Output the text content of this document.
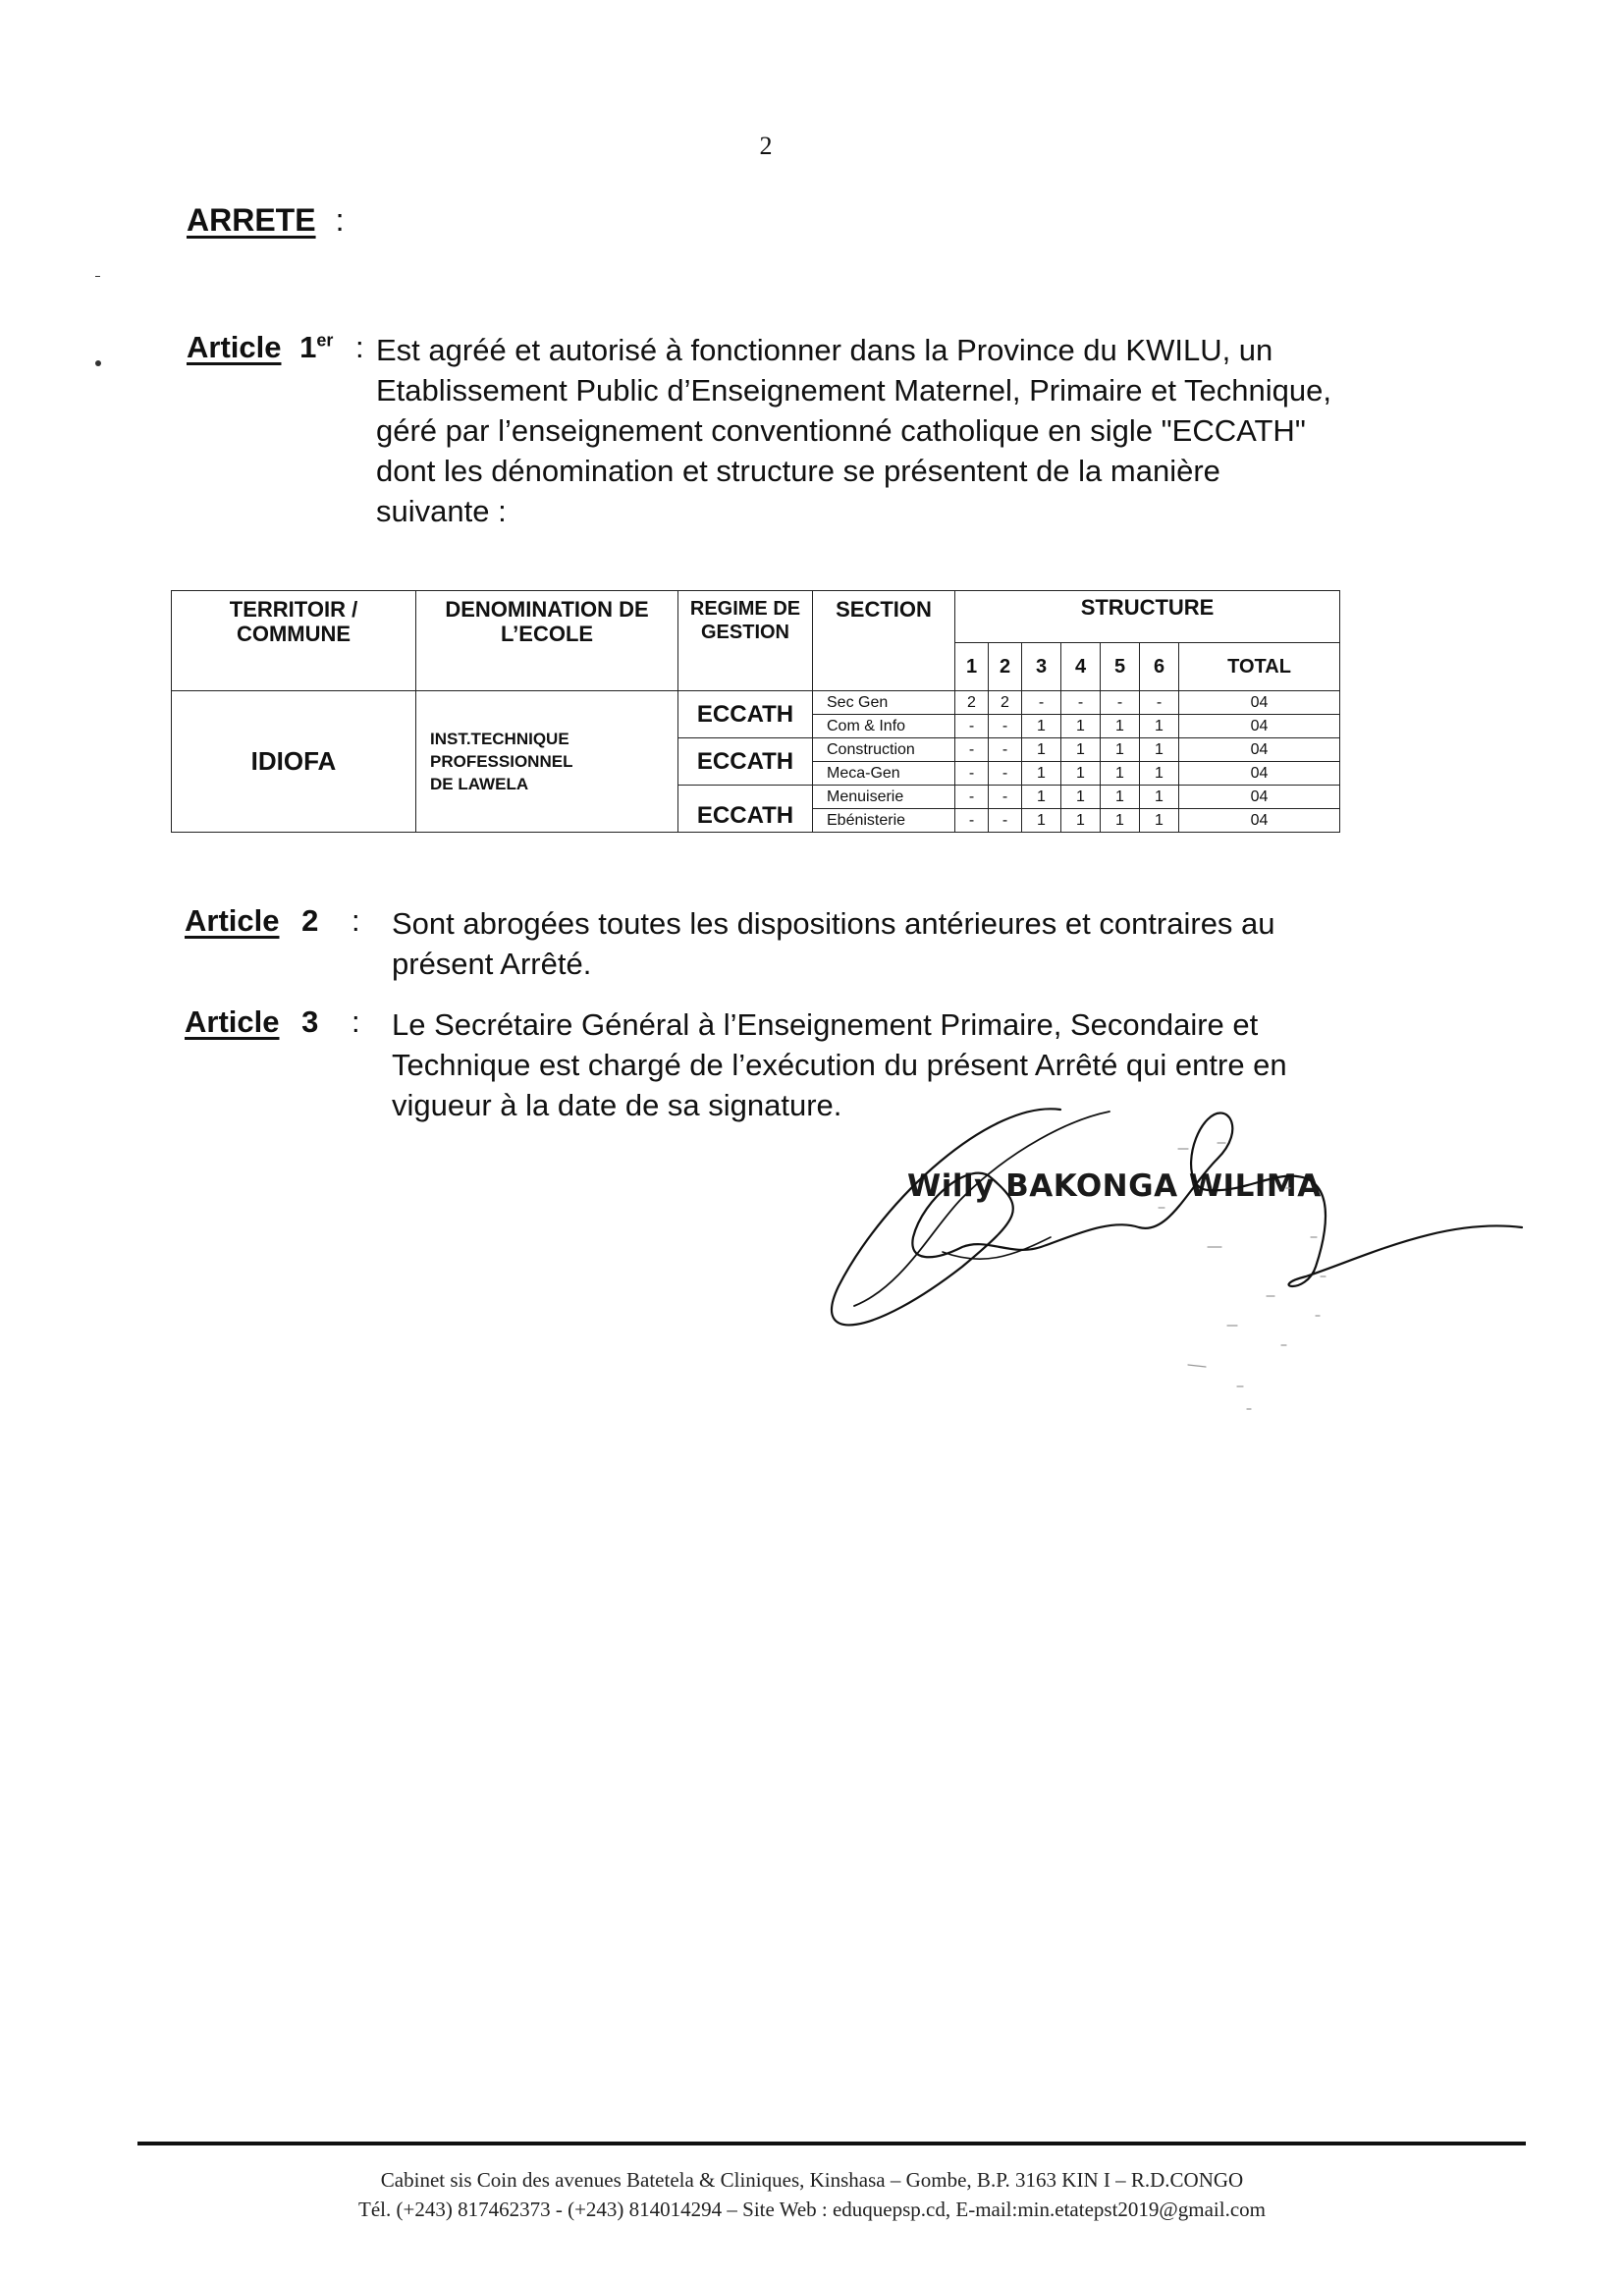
2
ARRETE :
Article 1er : Est agréé et autorisé à fonctionner dans la Province du KWILU, un
Etablissement Public d’Enseignement Maternel, Primaire et Technique,
géré par l’enseignement conventionné catholique en sigle "ECCATH"
dont les dénomination et structure se présentent de la manière
suivante :
TERRITOIR / COMMUNE	DENOMINATION DE L’ECOLE	REGIME DE GESTION	SECTION	STRUCTURE						
				1	2	3	4	5	6	TOTAL
IDIOFA	INST.TECHNIQUE
PROFESSIONNEL
DE LAWELA	ECCATH	Sec Gen	2	2	-	-	-	-	04
			Com & Info	-	-	1	1	1	1	04
		ECCATH	Construction	-	-	1	1	1	1	04
			Meca-Gen	-	-	1	1	1	1	04
		ECCATH	Menuiserie	-	-	1	1	1	1	04
			Ebénisterie	-	-	1	1	1	1	04
Article 2 : Sont abrogées toutes les dispositions antérieures et contraires au
présent Arrêté.
Article 3 : Le Secrétaire Général à l’Enseignement Primaire, Secondaire et
Technique est chargé de l’exécution du présent Arrêté qui entre en
vigueur à la date de sa signature.
Willy BAKONGA WILIMA
Cabinet sis Coin des avenues Batetela & Cliniques, Kinshasa – Gombe, B.P. 3163 KIN I – R.D.CONGO
Tél. (+243) 817462373 - (+243) 814014294 – Site Web : eduquepsp.cd, E-mail:min.etatepst2019@gmail.com
